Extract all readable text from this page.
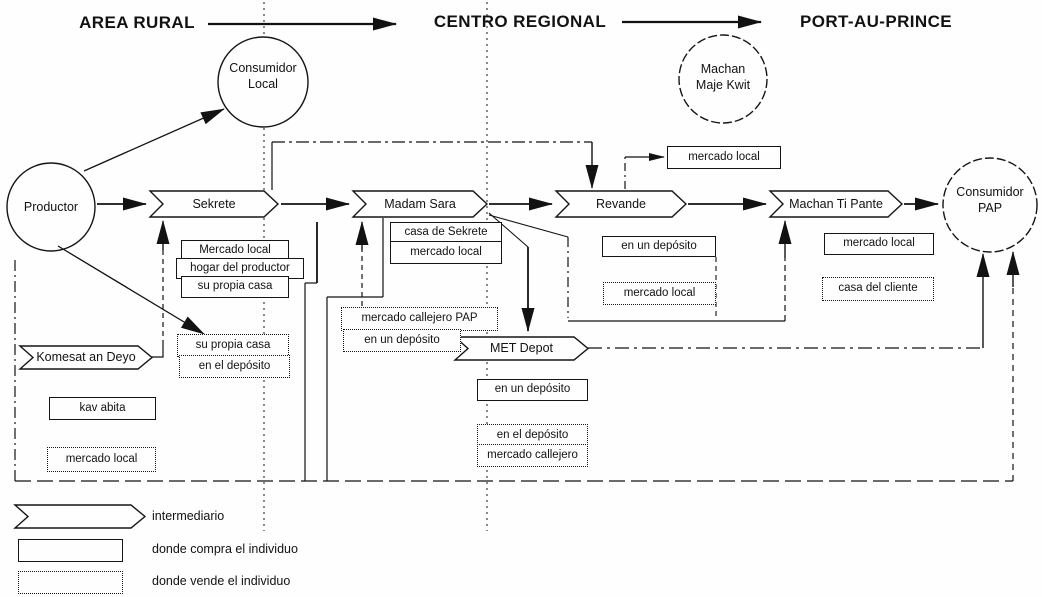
AREA RURAL	CENTRO REGIONAL	PORT-AU-PRINCE
Productor
Consumidor
Local
Machan
Maje Kwit
Consumidor
PAP
Sekrete	Madam Sara	Revande	Machan Ti Pante
Komesat an Deyo
MET Depot
Mercado local
hogar del productor
su propia casa
casa de Sekrete
mercado local	en un depósito
mercado local
mercado local
kav abita
en un depósito
su propia casa
en el depósito
mercado local
mercado callejero PAP
en un depósito
mercado local
en el depósito
mercado callejero
casa del cliente
intermediario
donde compra el individuo
donde vende el individuo
